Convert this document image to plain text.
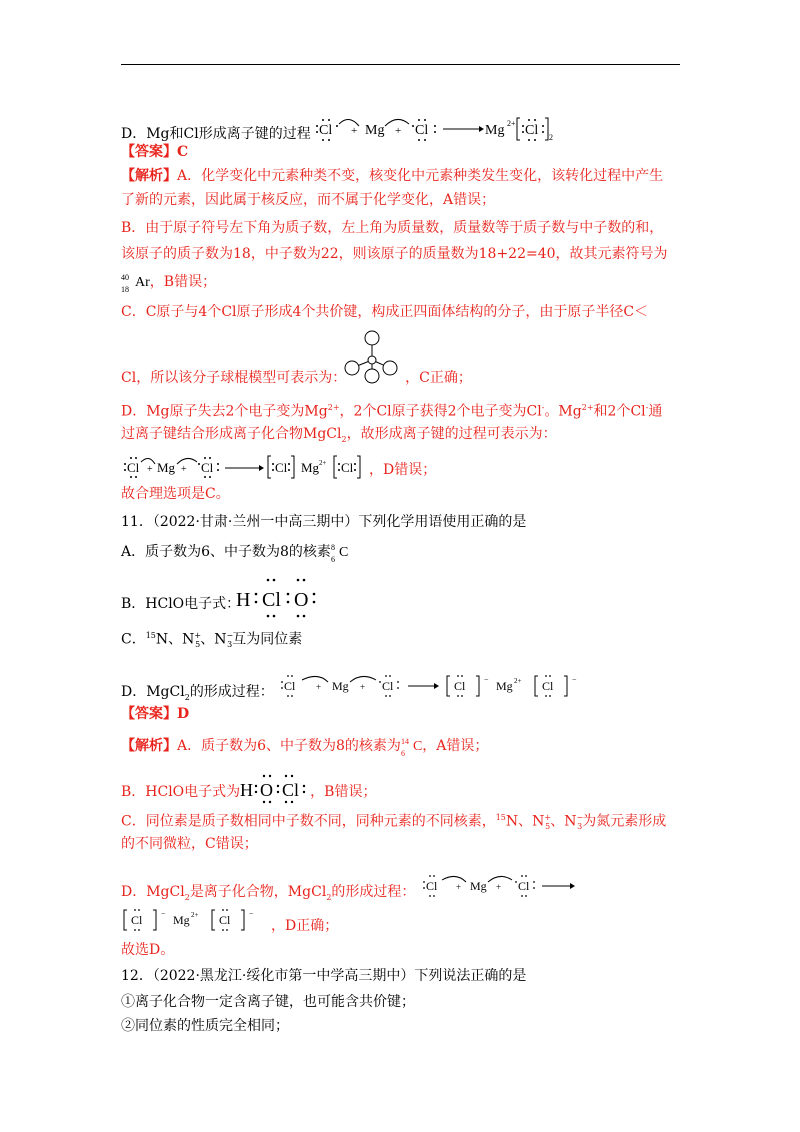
D．Mg和Cl形成离子键的过程 Cl + Mg + Cl	Mg 2+ Cl 2
【答案】C
【解析】A．化学变化中元素种类不变，核变化中元素种类发生变化，该转化过程中产生
了新的元素，因此属于核反应，而不属于化学变化，A错误；
B．由于原子符号左下角为质子数，左上角为质量数，质量数等于质子数与中子数的和，
该原子的质子数为18，中子数为22，则该原子的质量数为18+22=40，故其元素符号为
40
18 Ar，B错误；
C．C原子与4个Cl原子形成4个共价键，构成正四面体结构的分子，由于原子半径C＜
Cl，所以该分子球棍模型可表示为：	，C正确；
D．Mg原子失去2个电子变为$Mg^{2+}$，2个Cl原子获得2个电子变为Cl-。$Mg^{2+}$和2个Cl-通
过离子键结合形成离子化合物MgCl$_2$，故形成离子键的过程可表示为：
Cl + Mg + Cl	Cl Mg 2+ Cl ，D错误；
故合理选项是C。
11．（2022·甘肃·兰州一中高三期中）下列化学用语使用正确的是
A．质子数为6、中子数为8的核素 8
6 C
B．HClO电子式：
H Cl O
C．$^{15}$N、$N^+_5$、$N^-_3$互为同位素
D．MgCl$_2$的形成过程： Cl + Mg + Cl	Cl − Mg 2+ Cl −
【答案】D
【解析】A．质子数为6、中子数为8的核素为 14
6 C，A错误；
B．HClO电子式为 H O Cl ，B错误；
C．同位素是质子数相同中子数不同，同种元素的不同核素，$^{15}$N、$N^+_5$、$N^-_3$为氮元素形成
的不同微粒，C错误；
D．MgCl$_2$是离子化合物，MgCl$_2$的形成过程： Cl + Mg + Cl
Cl − Mg 2+ Cl −
，D正确；
故选D。
12．（2022·黑龙江·绥化市第一中学高三期中）下列说法正确的是
①离子化合物一定含离子键，也可能含共价键；
②同位素的性质完全相同；
